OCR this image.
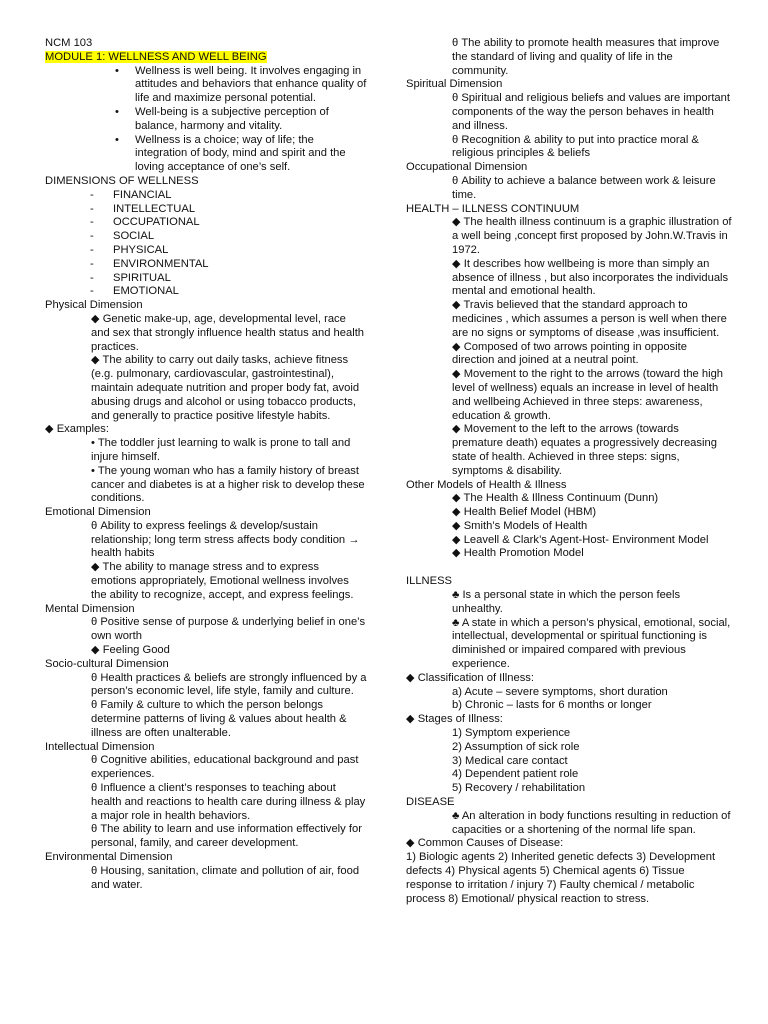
NCM 103

MODULE 1: WELLNESS AND WELL BEING

• Wellness is well being. It involves engaging in attitudes and behaviors that enhance quality of life and maximize personal potential.
• Well-being is a subjective perception of balance, harmony and vitality.
• Wellness is a choice; way of life; the integration of body, mind and spirit and the loving acceptance of one’s self.

DIMENSIONS OF WELLNESS

- FINANCIAL
- INTELLECTUAL
- OCCUPATIONAL
- SOCIAL
- PHYSICAL
- ENVIRONMENTAL
- SPIRITUAL
- EMOTIONAL

Physical Dimension

◆ Genetic make-up, age, developmental level, race and sex that strongly influence health status and health practices.

◆ The ability to carry out daily tasks, achieve fitness (e.g. pulmonary, cardiovascular, gastrointestinal), maintain adequate nutrition and proper body fat, avoid abusing drugs and alcohol or using tobacco products, and generally to practice positive lifestyle habits.

◆ Examples:

• The toddler just learning to walk is prone to tall and injure himself.

• The young woman who has a family history of breast cancer and diabetes is at a higher risk to develop these conditions.

Emotional Dimension

θ Ability to express feelings & develop/sustain relationship; long term stress affects body condition → health habits

◆ The ability to manage stress and to express emotions appropriately, Emotional wellness involves the ability to recognize, accept, and express feelings.

Mental Dimension

θ Positive sense of purpose & underlying belief in one’s own worth

◆ Feeling Good

Socio-cultural Dimension

θ Health practices & beliefs are strongly influenced by a person’s economic level, life style, family and culture.

θ Family & culture to which the person belongs determine patterns of living & values about health & illness are often unalterable.

Intellectual Dimension

θ Cognitive abilities, educational background and past experiences.

θ Influence a client’s responses to teaching about health and reactions to health care during illness & play a major role in health behaviors.

θ The ability to learn and use information effectively for personal, family, and career development.

Environmental Dimension

θ Housing, sanitation, climate and pollution of air, food and water.

θ The ability to promote health measures that improve the standard of living and quality of life in the community.

Spiritual Dimension

θ Spiritual and religious beliefs and values are important components of the way the person behaves in health and illness.

θ Recognition & ability to put into practice moral & religious principles & beliefs

Occupational Dimension

θ Ability to achieve a balance between work & leisure time.

HEALTH – ILLNESS CONTINUUM

◆ The health illness continuum is a graphic illustration of a well being ,concept first proposed by John.W.Travis in 1972.

◆ It describes how wellbeing is more than simply an absence of illness , but also incorporates the individuals mental and emotional health.

◆ Travis believed that the standard approach to medicines , which assumes a person is well when there are no signs or symptoms of disease ,was insufficient.

◆ Composed of two arrows pointing in opposite direction and joined at a neutral point.

◆ Movement to the right to the arrows (toward the high level of wellness) equals an increase in level of health and wellbeing Achieved in three steps: awareness, education & growth.

◆ Movement to the left to the arrows (towards premature death) equates a progressively decreasing state of health. Achieved in three steps: signs, symptoms & disability.

Other Models of Health & Illness

◆ The Health & Illness Continuum (Dunn)

◆ Health Belief Model (HBM)

◆ Smith’s Models of Health

◆ Leavell & Clark’s Agent-Host- Environment Model

◆ Health Promotion Model

ILLNESS

♣ Is a personal state in which the person feels unhealthy.

♣ A state in which a person’s physical, emotional, social, intellectual, developmental or spiritual functioning is diminished or impaired compared with previous experience.

◆ Classification of Illness:

a) Acute – severe symptoms, short duration

b) Chronic – lasts for 6 months or longer

◆ Stages of Illness:

1) Symptom experience

2) Assumption of sick role

3) Medical care contact

4) Dependent patient role

5) Recovery / rehabilitation

DISEASE

♣ An alteration in body functions resulting in reduction of capacities or a shortening of the normal life span.

◆ Common Causes of Disease:

1) Biologic agents 2) Inherited genetic defects 3) Development defects 4) Physical agents 5) Chemical agents 6) Tissue response to irritation / injury 7) Faulty chemical / metabolic process 8) Emotional/ physical reaction to stress.
